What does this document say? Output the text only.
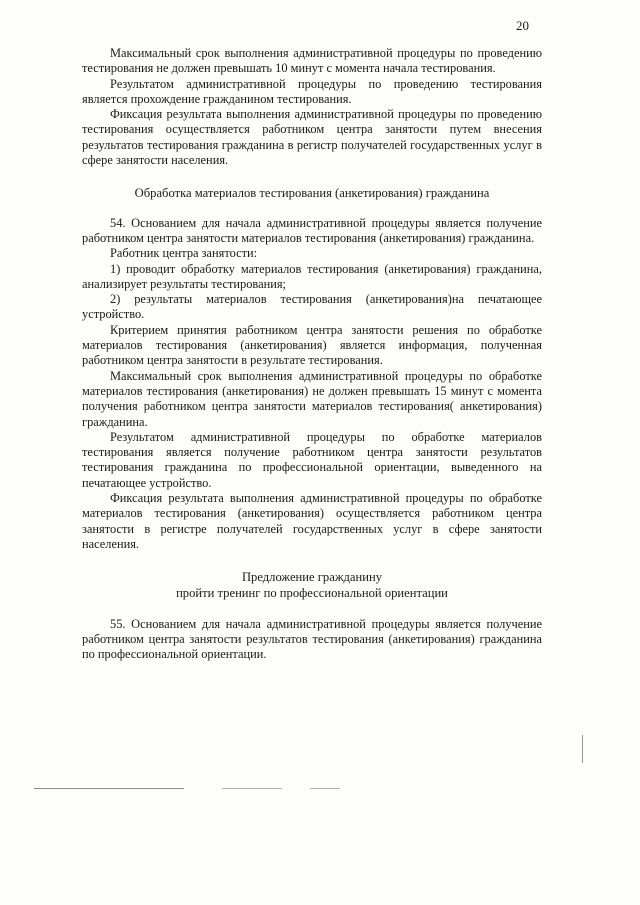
20

Максимальный срок выполнения административной процедуры по проведению тестирования не должен превышать 10 минут с момента начала тестирования.

Результатом административной процедуры по проведению тестирования является прохождение гражданином тестирования.

Фиксация результата выполнения административной процедуры по проведению тестирования осуществляется работником центра занятости путем внесения результатов тестирования гражданина в регистр получателей государственных услуг в сфере занятости населения.

Обработка материалов тестирования (анкетирования) гражданина

54. Основанием для начала административной процедуры является получение работником центра занятости материалов тестирования (анкетирования) гражданина.

Работник центра занятости:

1) проводит обработку материалов тестирования (анкетирования) гражданина, анализирует результаты тестирования;

2) результаты материалов тестирования (анкетирования)на печатающее устройство.

Критерием принятия работником центра занятости решения по обработке материалов тестирования (анкетирования) является информация, полученная работником центра занятости в результате тестирования.

Максимальный срок выполнения административной процедуры по обработке материалов тестирования (анкетирования) не должен превышать 15 минут с момента получения работником центра занятости материалов тестирования( анкетирования) гражданина.

Результатом административной процедуры по обработке материалов тестирования является получение работником центра занятости результатов тестирования гражданина по профессиональной ориентации, выведенного на печатающее устройство.

Фиксация результата выполнения административной процедуры по обработке материалов тестирования (анкетирования) осуществляется работником центра занятости в регистре получателей государственных услуг в сфере занятости населения.

Предложение гражданину

пройти тренинг по профессиональной ориентации

55. Основанием для начала административной процедуры является получение работником центра занятости результатов тестирования (анкетирования) гражданина по профессиональной ориентации.
